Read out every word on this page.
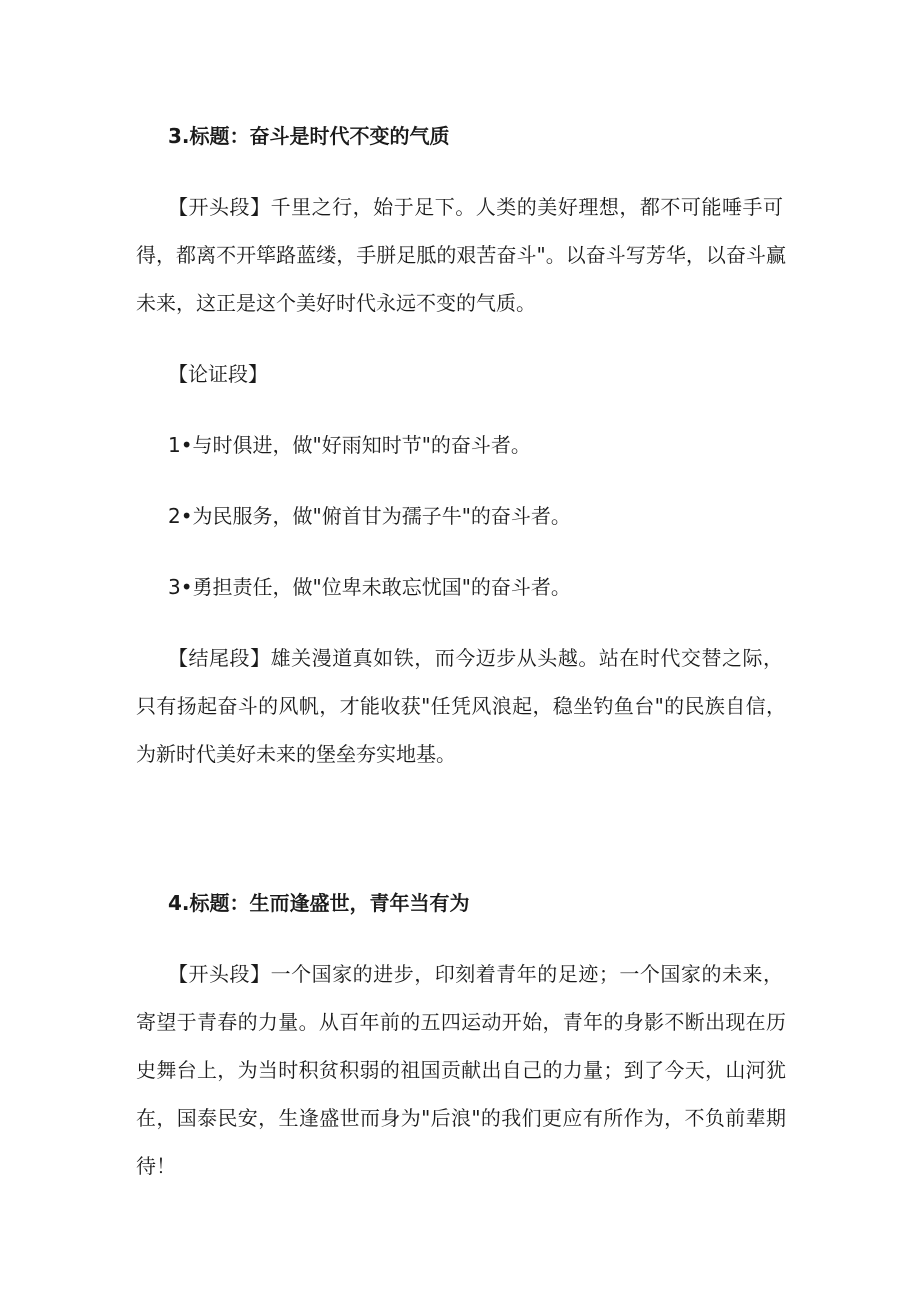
3.标题：奋斗是时代不变的气质
【开头段】千里之行，始于足下。人类的美好理想，都不可能唾手可
得，都离不开筚路蓝缕，手胼足胝的艰苦奋斗"。以奋斗写芳华，以奋斗赢
未来，这正是这个美好时代永远不变的气质。
【论证段】
1•与时俱进，做"好雨知时节"的奋斗者。
2•为民服务，做"俯首甘为孺子牛"的奋斗者。
3•勇担责任，做"位卑未敢忘忧国"的奋斗者。
【结尾段】雄关漫道真如铁，而今迈步从头越。站在时代交替之际，
只有扬起奋斗的风帆，才能收获"任凭风浪起，稳坐钓鱼台"的民族自信，
为新时代美好未来的堡垒夯实地基。
4.标题：生而逢盛世，青年当有为
【开头段】一个国家的进步，印刻着青年的足迹；一个国家的未来，
寄望于青春的力量。从百年前的五四运动开始，青年的身影不断出现在历
史舞台上，为当时积贫积弱的祖国贡献出自己的力量；到了今天，山河犹
在，国泰民安，生逢盛世而身为"后浪"的我们更应有所作为，不负前辈期
待！
